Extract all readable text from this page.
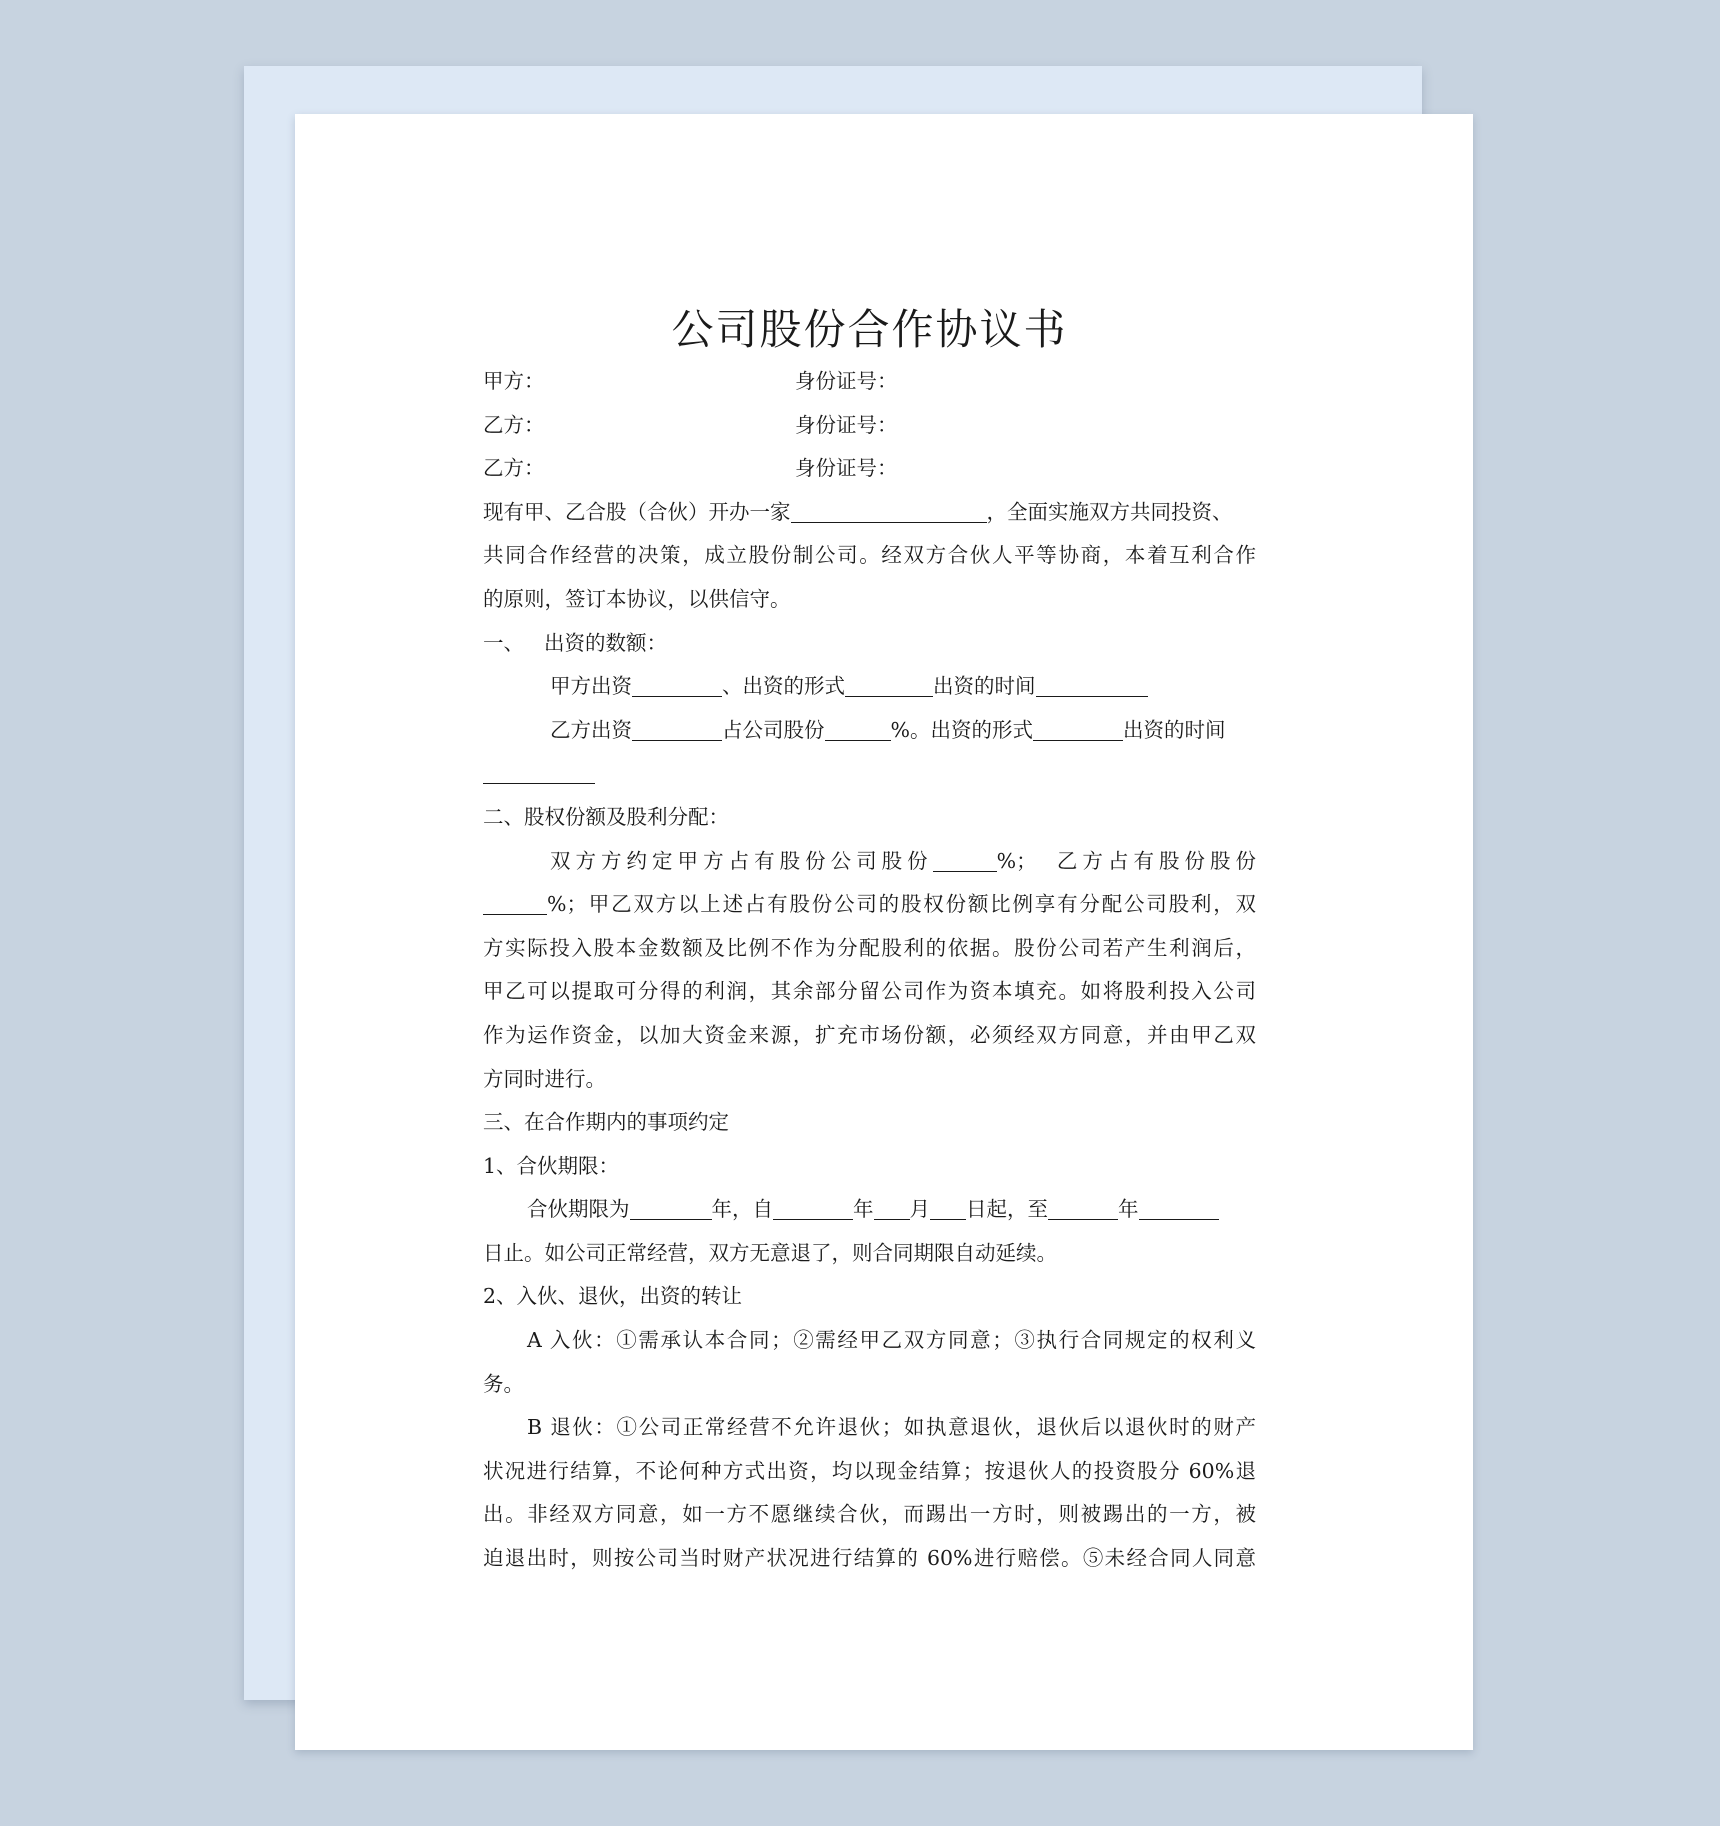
公司股份合作协议书
甲方：	身份证号：
乙方：	身份证号：
乙方：	身份证号：
现有甲、乙合股（合伙）开办一家	，全面实施双方共同投资、
共同合作经营的决策，成立股份制公司。经双方合伙人平等协商，本着互利合作
的原则，签订本协议，以供信守。
一、 出资的数额：
甲方出资	、出资的形式	出资的时间
乙方出资	占公司股份	%。出资的形式	出资的时间
二、股权份额及股利分配：
双方方约定甲方占有股份公司股份	%；　乙方占有股份股份
%；甲乙双方以上述占有股份公司的股权份额比例享有分配公司股利，双
方实际投入股本金数额及比例不作为分配股利的依据。股份公司若产生利润后，
甲乙可以提取可分得的利润，其余部分留公司作为资本填充。如将股利投入公司
作为运作资金，以加大资金来源，扩充市场份额，必须经双方同意，并由甲乙双
方同时进行。
三、在合作期内的事项约定
1、合伙期限：
合伙期限为	年，自	年 月 日起，至	年
日止。如公司正常经营，双方无意退了，则合同期限自动延续。
2、入伙、退伙，出资的转让
A 入伙：①需承认本合同；②需经甲乙双方同意；③执行合同规定的权利义
务。
B 退伙：①公司正常经营不允许退伙；如执意退伙，退伙后以退伙时的财产
状况进行结算，不论何种方式出资，均以现金结算；按退伙人的投资股分 60%退
出。非经双方同意，如一方不愿继续合伙，而踢出一方时，则被踢出的一方，被
迫退出时，则按公司当时财产状况进行结算的 60%进行赔偿。⑤未经合同人同意
